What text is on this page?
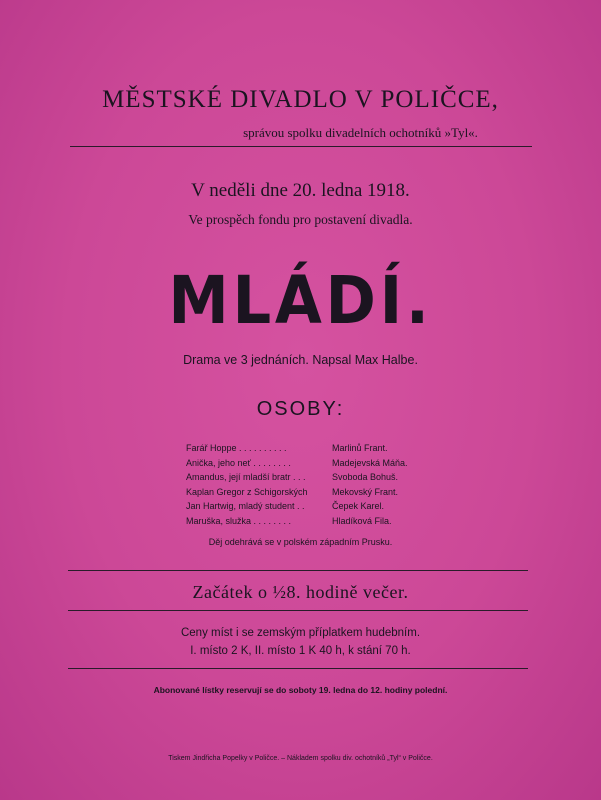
MĚSTSKÉ DIVADLO V POLIČCE,
správou spolku divadelních ochotníků »Tyl«.
V neděli dne 20. ledna 1918.
Ve prospěch fondu pro postavení divadla.
MLÁDÍ.
Drama ve 3 jednáních. Napsal Max Halbe.
OSOBY:
Farář Hoppe . . . . . . . . . .	Marlinů Frant.
Anička, jeho neť . . . . . . . .	Madejevská Máňa.
Amandus, její mladší bratr . . .	Svoboda Bohuš.
Kaplan Gregor z Schigorských	Mekovský Frant.
Jan Hartwig, mladý student . .	Čepek Karel.
Maruška, služka . . . . . . . .	Hladíková Fila.
Děj odehrává se v polském západním Prusku.
Začátek o ½8. hodině večer.
Ceny míst i se zemským příplatkem hudebním.
I. místo 2 K, II. místo 1 K 40 h, k stání 70 h.
Abonované lístky reservují se do soboty 19. ledna do 12. hodiny polední.
Tiskem Jindřicha Popelky v Poličce. – Nákladem spolku div. ochotníků „Tyl“ v Poličce.
